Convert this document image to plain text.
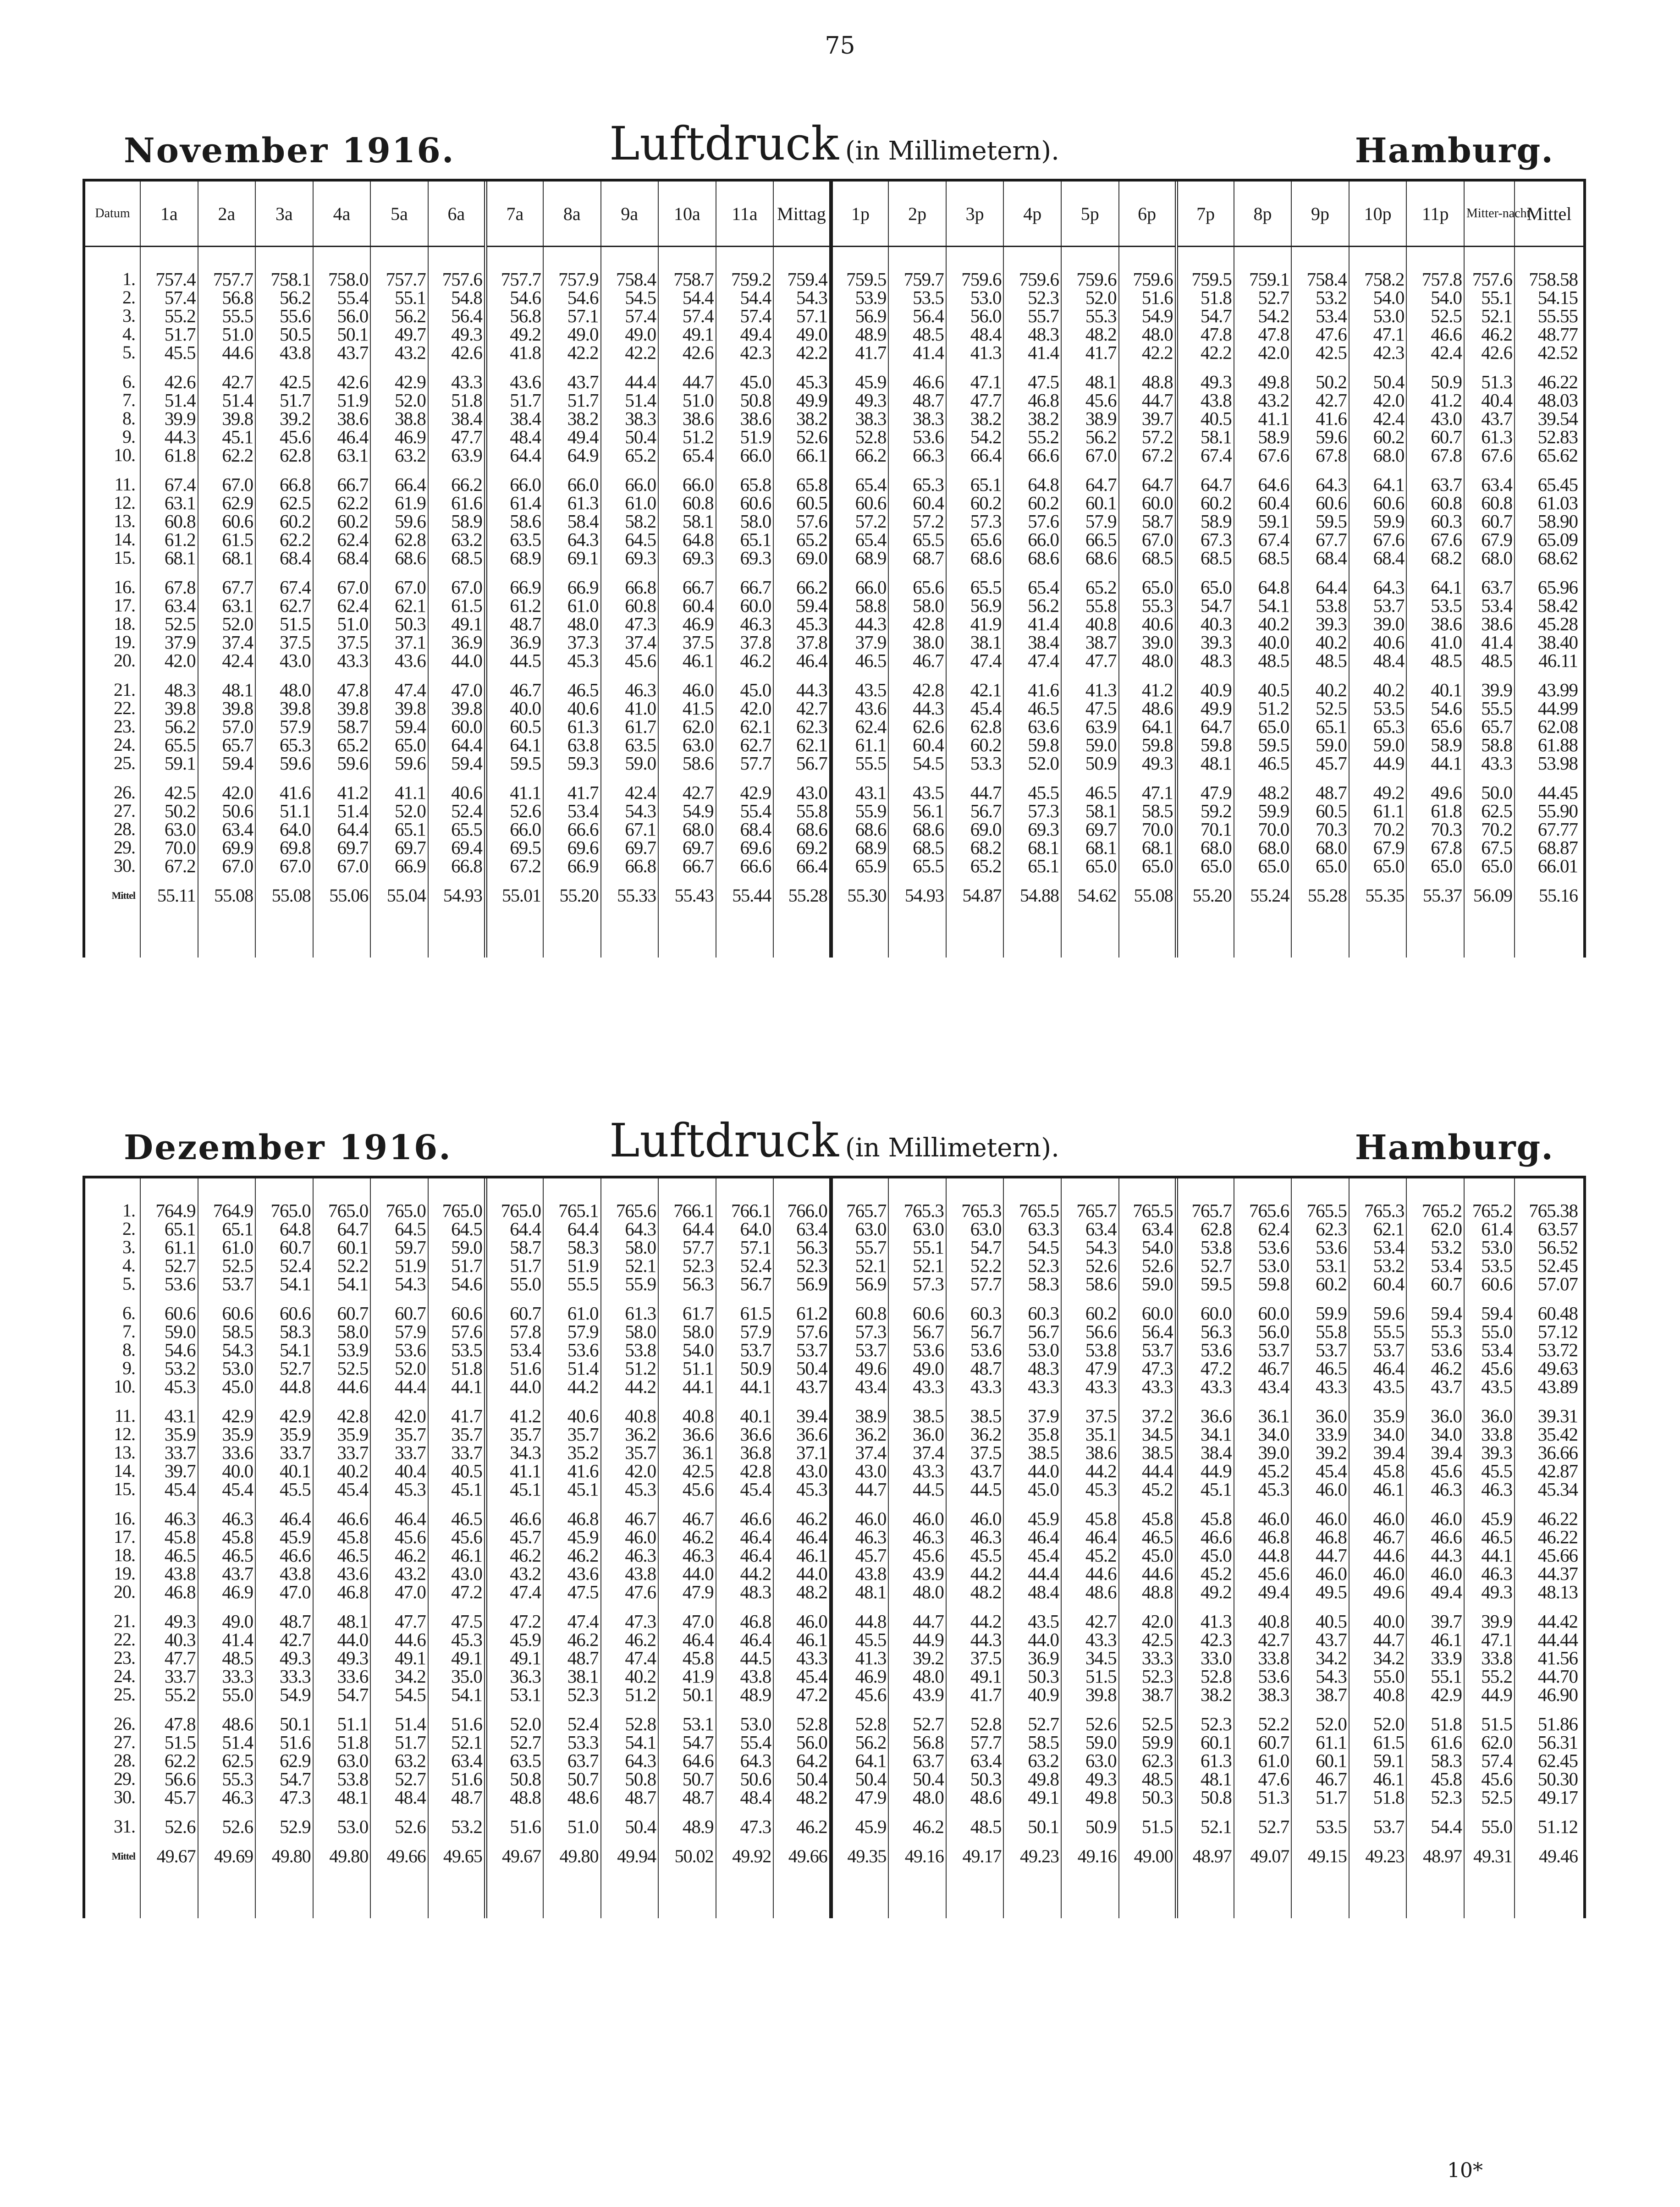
75
November 1916.	Luftdruck (in Millimetern).	Hamburg.
Datum	1a	2a	3a	4a	5a	6a	7a	8a	9a	10a	11a	Mittag	1p	2p	3p	4p	5p	6p	7p	8p	9p	10p	11p	Mitter-nacht	Mittel
1.	757.4	757.7	758.1	758.0	757.7	757.6	757.7	757.9	758.4	758.7	759.2	759.4	759.5	759.7	759.6	759.6	759.6	759.6	759.5	759.1	758.4	758.2	757.8	757.6	758.58
2.	57.4	56.8	56.2	55.4	55.1	54.8	54.6	54.6	54.5	54.4	54.4	54.3	53.9	53.5	53.0	52.3	52.0	51.6	51.8	52.7	53.2	54.0	54.0	55.1	54.15
3.	55.2	55.5	55.6	56.0	56.2	56.4	56.8	57.1	57.4	57.4	57.4	57.1	56.9	56.4	56.0	55.7	55.3	54.9	54.7	54.2	53.4	53.0	52.5	52.1	55.55
4.	51.7	51.0	50.5	50.1	49.7	49.3	49.2	49.0	49.0	49.1	49.4	49.0	48.9	48.5	48.4	48.3	48.2	48.0	47.8	47.8	47.6	47.1	46.6	46.2	48.77
5.	45.5	44.6	43.8	43.7	43.2	42.6	41.8	42.2	42.2	42.6	42.3	42.2	41.7	41.4	41.3	41.4	41.7	42.2	42.2	42.0	42.5	42.3	42.4	42.6	42.52

6.	42.6	42.7	42.5	42.6	42.9	43.3	43.6	43.7	44.4	44.7	45.0	45.3	45.9	46.6	47.1	47.5	48.1	48.8	49.3	49.8	50.2	50.4	50.9	51.3	46.22
7.	51.4	51.4	51.7	51.9	52.0	51.8	51.7	51.7	51.4	51.0	50.8	49.9	49.3	48.7	47.7	46.8	45.6	44.7	43.8	43.2	42.7	42.0	41.2	40.4	48.03
8.	39.9	39.8	39.2	38.6	38.8	38.4	38.4	38.2	38.3	38.6	38.6	38.2	38.3	38.3	38.2	38.2	38.9	39.7	40.5	41.1	41.6	42.4	43.0	43.7	39.54
9.	44.3	45.1	45.6	46.4	46.9	47.7	48.4	49.4	50.4	51.2	51.9	52.6	52.8	53.6	54.2	55.2	56.2	57.2	58.1	58.9	59.6	60.2	60.7	61.3	52.83
10.	61.8	62.2	62.8	63.1	63.2	63.9	64.4	64.9	65.2	65.4	66.0	66.1	66.2	66.3	66.4	66.6	67.0	67.2	67.4	67.6	67.8	68.0	67.8	67.6	65.62

11.	67.4	67.0	66.8	66.7	66.4	66.2	66.0	66.0	66.0	66.0	65.8	65.8	65.4	65.3	65.1	64.8	64.7	64.7	64.7	64.6	64.3	64.1	63.7	63.4	65.45
12.	63.1	62.9	62.5	62.2	61.9	61.6	61.4	61.3	61.0	60.8	60.6	60.5	60.6	60.4	60.2	60.2	60.1	60.0	60.2	60.4	60.6	60.6	60.8	60.8	61.03
13.	60.8	60.6	60.2	60.2	59.6	58.9	58.6	58.4	58.2	58.1	58.0	57.6	57.2	57.2	57.3	57.6	57.9	58.7	58.9	59.1	59.5	59.9	60.3	60.7	58.90
14.	61.2	61.5	62.2	62.4	62.8	63.2	63.5	64.3	64.5	64.8	65.1	65.2	65.4	65.5	65.6	66.0	66.5	67.0	67.3	67.4	67.7	67.6	67.6	67.9	65.09
15.	68.1	68.1	68.4	68.4	68.6	68.5	68.9	69.1	69.3	69.3	69.3	69.0	68.9	68.7	68.6	68.6	68.6	68.5	68.5	68.5	68.4	68.4	68.2	68.0	68.62

16.	67.8	67.7	67.4	67.0	67.0	67.0	66.9	66.9	66.8	66.7	66.7	66.2	66.0	65.6	65.5	65.4	65.2	65.0	65.0	64.8	64.4	64.3	64.1	63.7	65.96
17.	63.4	63.1	62.7	62.4	62.1	61.5	61.2	61.0	60.8	60.4	60.0	59.4	58.8	58.0	56.9	56.2	55.8	55.3	54.7	54.1	53.8	53.7	53.5	53.4	58.42
18.	52.5	52.0	51.5	51.0	50.3	49.1	48.7	48.0	47.3	46.9	46.3	45.3	44.3	42.8	41.9	41.4	40.8	40.6	40.3	40.2	39.3	39.0	38.6	38.6	45.28
19.	37.9	37.4	37.5	37.5	37.1	36.9	36.9	37.3	37.4	37.5	37.8	37.8	37.9	38.0	38.1	38.4	38.7	39.0	39.3	40.0	40.2	40.6	41.0	41.4	38.40
20.	42.0	42.4	43.0	43.3	43.6	44.0	44.5	45.3	45.6	46.1	46.2	46.4	46.5	46.7	47.4	47.4	47.7	48.0	48.3	48.5	48.5	48.4	48.5	48.5	46.11

21.	48.3	48.1	48.0	47.8	47.4	47.0	46.7	46.5	46.3	46.0	45.0	44.3	43.5	42.8	42.1	41.6	41.3	41.2	40.9	40.5	40.2	40.2	40.1	39.9	43.99
22.	39.8	39.8	39.8	39.8	39.8	39.8	40.0	40.6	41.0	41.5	42.0	42.7	43.6	44.3	45.4	46.5	47.5	48.6	49.9	51.2	52.5	53.5	54.6	55.5	44.99
23.	56.2	57.0	57.9	58.7	59.4	60.0	60.5	61.3	61.7	62.0	62.1	62.3	62.4	62.6	62.8	63.6	63.9	64.1	64.7	65.0	65.1	65.3	65.6	65.7	62.08
24.	65.5	65.7	65.3	65.2	65.0	64.4	64.1	63.8	63.5	63.0	62.7	62.1	61.1	60.4	60.2	59.8	59.0	59.8	59.8	59.5	59.0	59.0	58.9	58.8	61.88
25.	59.1	59.4	59.6	59.6	59.6	59.4	59.5	59.3	59.0	58.6	57.7	56.7	55.5	54.5	53.3	52.0	50.9	49.3	48.1	46.5	45.7	44.9	44.1	43.3	53.98

26.	42.5	42.0	41.6	41.2	41.1	40.6	41.1	41.7	42.4	42.7	42.9	43.0	43.1	43.5	44.7	45.5	46.5	47.1	47.9	48.2	48.7	49.2	49.6	50.0	44.45
27.	50.2	50.6	51.1	51.4	52.0	52.4	52.6	53.4	54.3	54.9	55.4	55.8	55.9	56.1	56.7	57.3	58.1	58.5	59.2	59.9	60.5	61.1	61.8	62.5	55.90
28.	63.0	63.4	64.0	64.4	65.1	65.5	66.0	66.6	67.1	68.0	68.4	68.6	68.6	68.6	69.0	69.3	69.7	70.0	70.1	70.0	70.3	70.2	70.3	70.2	67.77
29.	70.0	69.9	69.8	69.7	69.7	69.4	69.5	69.6	69.7	69.7	69.6	69.2	68.9	68.5	68.2	68.1	68.1	68.1	68.0	68.0	68.0	67.9	67.8	67.5	68.87
30.	67.2	67.0	67.0	67.0	66.9	66.8	67.2	66.9	66.8	66.7	66.6	66.4	65.9	65.5	65.2	65.1	65.0	65.0	65.0	65.0	65.0	65.0	65.0	65.0	66.01
Mittel	55.11	55.08	55.08	55.06	55.04	54.93	55.01	55.20	55.33	55.43	55.44	55.28	55.30	54.93	54.87	54.88	54.62	55.08	55.20	55.24	55.28	55.35	55.37	56.09	55.16

Dezember 1916.	Luftdruck (in Millimetern).	Hamburg.
1.	764.9	764.9	765.0	765.0	765.0	765.0	765.0	765.1	765.6	766.1	766.1	766.0	765.7	765.3	765.3	765.5	765.7	765.5	765.7	765.6	765.5	765.3	765.2	765.2	765.38
2.	65.1	65.1	64.8	64.7	64.5	64.5	64.4	64.4	64.3	64.4	64.0	63.4	63.0	63.0	63.0	63.3	63.4	63.4	62.8	62.4	62.3	62.1	62.0	61.4	63.57
3.	61.1	61.0	60.7	60.1	59.7	59.0	58.7	58.3	58.0	57.7	57.1	56.3	55.7	55.1	54.7	54.5	54.3	54.0	53.8	53.6	53.6	53.4	53.2	53.0	56.52
4.	52.7	52.5	52.4	52.2	51.9	51.7	51.7	51.9	52.1	52.3	52.4	52.3	52.1	52.1	52.2	52.3	52.6	52.6	52.7	53.0	53.1	53.2	53.4	53.5	52.45
5.	53.6	53.7	54.1	54.1	54.3	54.6	55.0	55.5	55.9	56.3	56.7	56.9	56.9	57.3	57.7	58.3	58.6	59.0	59.5	59.8	60.2	60.4	60.7	60.6	57.07

6.	60.6	60.6	60.6	60.7	60.7	60.6	60.7	61.0	61.3	61.7	61.5	61.2	60.8	60.6	60.3	60.3	60.2	60.0	60.0	60.0	59.9	59.6	59.4	59.4	60.48
7.	59.0	58.5	58.3	58.0	57.9	57.6	57.8	57.9	58.0	58.0	57.9	57.6	57.3	56.7	56.7	56.7	56.6	56.4	56.3	56.0	55.8	55.5	55.3	55.0	57.12
8.	54.6	54.3	54.1	53.9	53.6	53.5	53.4	53.6	53.8	54.0	53.7	53.7	53.7	53.6	53.6	53.0	53.8	53.7	53.6	53.7	53.7	53.7	53.6	53.4	53.72
9.	53.2	53.0	52.7	52.5	52.0	51.8	51.6	51.4	51.2	51.1	50.9	50.4	49.6	49.0	48.7	48.3	47.9	47.3	47.2	46.7	46.5	46.4	46.2	45.6	49.63
10.	45.3	45.0	44.8	44.6	44.4	44.1	44.0	44.2	44.2	44.1	44.1	43.7	43.4	43.3	43.3	43.3	43.3	43.3	43.3	43.4	43.3	43.5	43.7	43.5	43.89

11.	43.1	42.9	42.9	42.8	42.0	41.7	41.2	40.6	40.8	40.8	40.1	39.4	38.9	38.5	38.5	37.9	37.5	37.2	36.6	36.1	36.0	35.9	36.0	36.0	39.31
12.	35.9	35.9	35.9	35.9	35.7	35.7	35.7	35.7	36.2	36.6	36.6	36.6	36.2	36.0	36.2	35.8	35.1	34.5	34.1	34.0	33.9	34.0	34.0	33.8	35.42
13.	33.7	33.6	33.7	33.7	33.7	33.7	34.3	35.2	35.7	36.1	36.8	37.1	37.4	37.4	37.5	38.5	38.6	38.5	38.4	39.0	39.2	39.4	39.4	39.3	36.66
14.	39.7	40.0	40.1	40.2	40.4	40.5	41.1	41.6	42.0	42.5	42.8	43.0	43.0	43.3	43.7	44.0	44.2	44.4	44.9	45.2	45.4	45.8	45.6	45.5	42.87
15.	45.4	45.4	45.5	45.4	45.3	45.1	45.1	45.1	45.3	45.6	45.4	45.3	44.7	44.5	44.5	45.0	45.3	45.2	45.1	45.3	46.0	46.1	46.3	46.3	45.34

16.	46.3	46.3	46.4	46.6	46.4	46.5	46.6	46.8	46.7	46.7	46.6	46.2	46.0	46.0	46.0	45.9	45.8	45.8	45.8	46.0	46.0	46.0	46.0	45.9	46.22
17.	45.8	45.8	45.9	45.8	45.6	45.6	45.7	45.9	46.0	46.2	46.4	46.4	46.3	46.3	46.3	46.4	46.4	46.5	46.6	46.8	46.8	46.7	46.6	46.5	46.22
18.	46.5	46.5	46.6	46.5	46.2	46.1	46.2	46.2	46.3	46.3	46.4	46.1	45.7	45.6	45.5	45.4	45.2	45.0	45.0	44.8	44.7	44.6	44.3	44.1	45.66
19.	43.8	43.7	43.8	43.6	43.2	43.0	43.2	43.6	43.8	44.0	44.2	44.0	43.8	43.9	44.2	44.4	44.6	44.6	45.2	45.6	46.0	46.0	46.0	46.3	44.37
20.	46.8	46.9	47.0	46.8	47.0	47.2	47.4	47.5	47.6	47.9	48.3	48.2	48.1	48.0	48.2	48.4	48.6	48.8	49.2	49.4	49.5	49.6	49.4	49.3	48.13

21.	49.3	49.0	48.7	48.1	47.7	47.5	47.2	47.4	47.3	47.0	46.8	46.0	44.8	44.7	44.2	43.5	42.7	42.0	41.3	40.8	40.5	40.0	39.7	39.9	44.42
22.	40.3	41.4	42.7	44.0	44.6	45.3	45.9	46.2	46.2	46.4	46.4	46.1	45.5	44.9	44.3	44.0	43.3	42.5	42.3	42.7	43.7	44.7	46.1	47.1	44.44
23.	47.7	48.5	49.3	49.3	49.1	49.1	49.1	48.7	47.4	45.8	44.5	43.3	41.3	39.2	37.5	36.9	34.5	33.3	33.0	33.8	34.2	34.2	33.9	33.8	41.56
24.	33.7	33.3	33.3	33.6	34.2	35.0	36.3	38.1	40.2	41.9	43.8	45.4	46.9	48.0	49.1	50.3	51.5	52.3	52.8	53.6	54.3	55.0	55.1	55.2	44.70
25.	55.2	55.0	54.9	54.7	54.5	54.1	53.1	52.3	51.2	50.1	48.9	47.2	45.6	43.9	41.7	40.9	39.8	38.7	38.2	38.3	38.7	40.8	42.9	44.9	46.90

26.	47.8	48.6	50.1	51.1	51.4	51.6	52.0	52.4	52.8	53.1	53.0	52.8	52.8	52.7	52.8	52.7	52.6	52.5	52.3	52.2	52.0	52.0	51.8	51.5	51.86
27.	51.5	51.4	51.6	51.8	51.7	52.1	52.7	53.3	54.1	54.7	55.4	56.0	56.2	56.8	57.7	58.5	59.0	59.9	60.1	60.7	61.1	61.5	61.6	62.0	56.31
28.	62.2	62.5	62.9	63.0	63.2	63.4	63.5	63.7	64.3	64.6	64.3	64.2	64.1	63.7	63.4	63.2	63.0	62.3	61.3	61.0	60.1	59.1	58.3	57.4	62.45
29.	56.6	55.3	54.7	53.8	52.7	51.6	50.8	50.7	50.8	50.7	50.6	50.4	50.4	50.4	50.3	49.8	49.3	48.5	48.1	47.6	46.7	46.1	45.8	45.6	50.30
30.	45.7	46.3	47.3	48.1	48.4	48.7	48.8	48.6	48.7	48.7	48.4	48.2	47.9	48.0	48.6	49.1	49.8	50.3	50.8	51.3	51.7	51.8	52.3	52.5	49.17

31.	52.6	52.6	52.9	53.0	52.6	53.2	51.6	51.0	50.4	48.9	47.3	46.2	45.9	46.2	48.5	50.1	50.9	51.5	52.1	52.7	53.5	53.7	54.4	55.0	51.12
Mittel	49.67	49.69	49.80	49.80	49.66	49.65	49.67	49.80	49.94	50.02	49.92	49.66	49.35	49.16	49.17	49.23	49.16	49.00	48.97	49.07	49.15	49.23	48.97	49.31	49.46

10*
